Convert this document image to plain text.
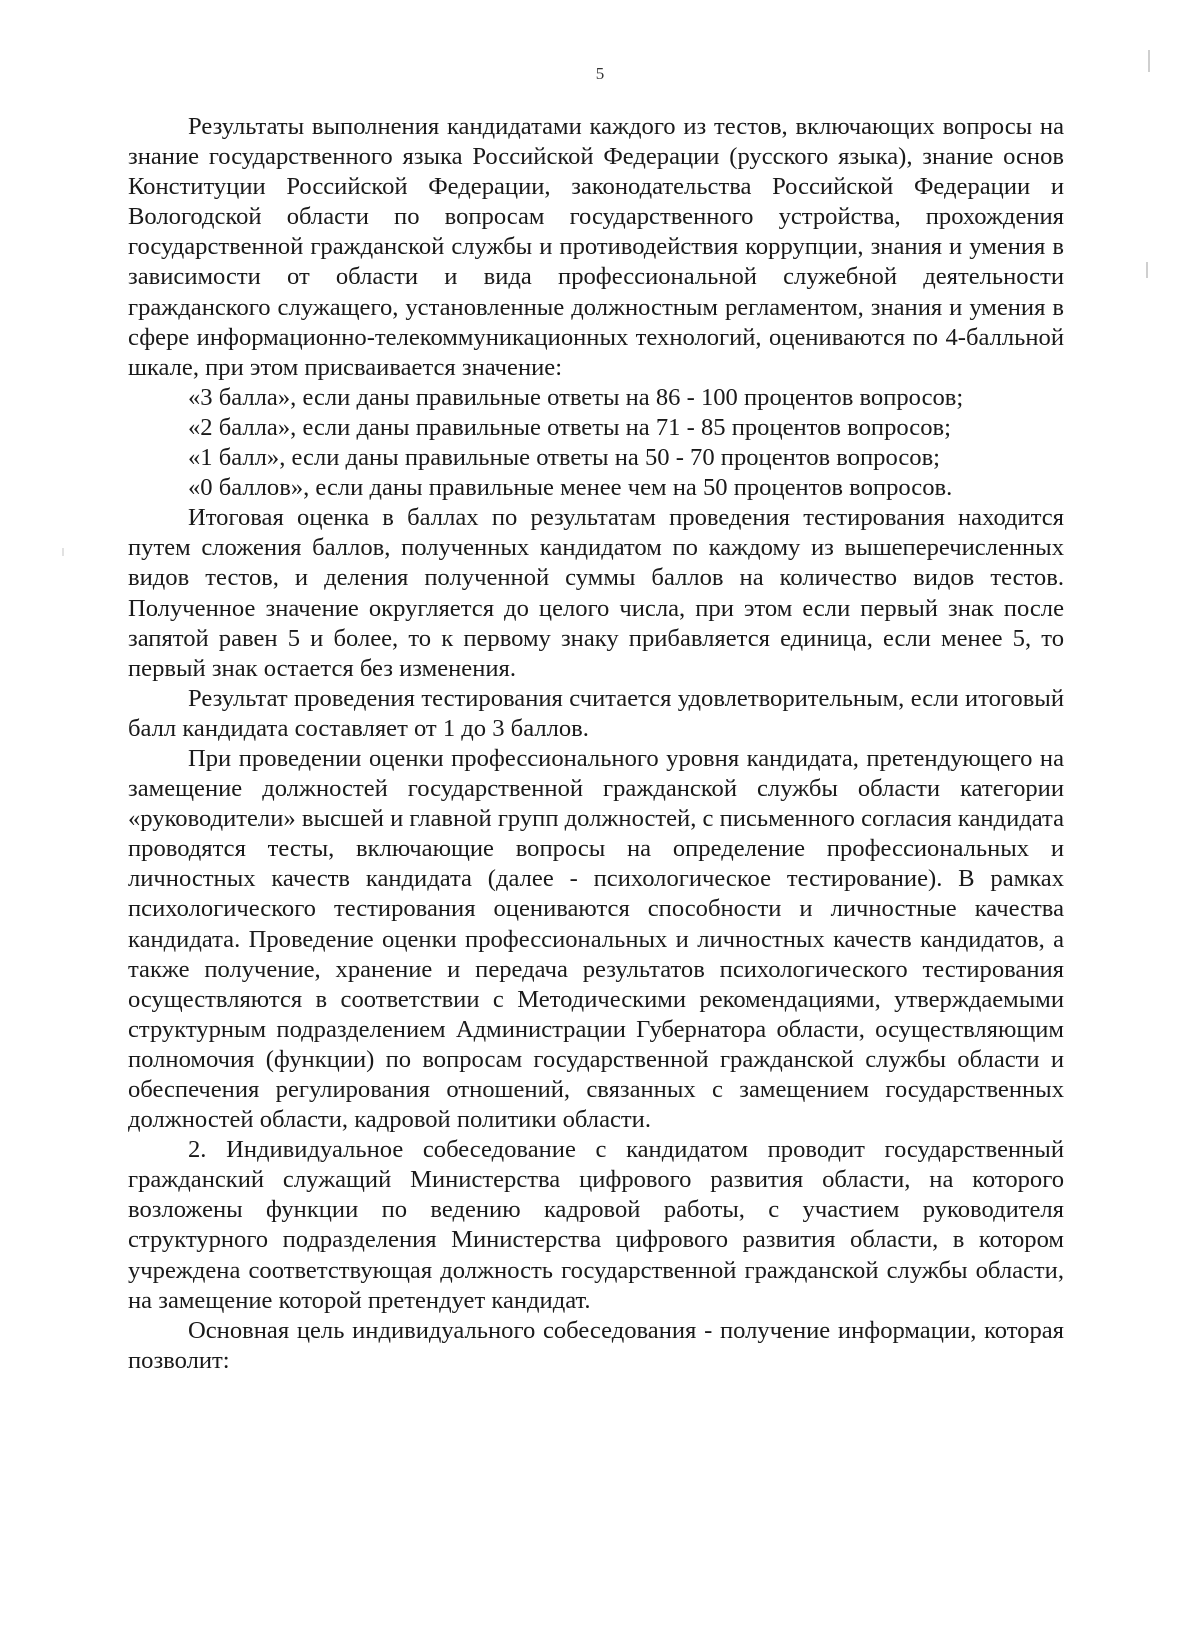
5

Результаты выполнения кандидатами каждого из тестов, включающих вопросы на знание государственного языка Российской Федерации (русского языка), знание основ Конституции Российской Федерации, законодательства Российской Федерации и Вологодской области по вопросам государственного устройства, прохождения государственной гражданской службы и противодействия коррупции, знания и умения в зависимости от области и вида профессиональной служебной деятельности гражданского служащего, установленные должностным регламентом, знания и умения в сфере информационно-телекоммуникационных технологий, оцениваются по 4-балльной шкале, при этом присваивается значение:

«3 балла», если даны правильные ответы на 86 - 100 процентов вопросов;

«2 балла», если даны правильные ответы на 71 - 85 процентов вопросов;

«1 балл», если даны правильные ответы на 50 - 70 процентов вопросов;

«0 баллов», если даны правильные менее чем на 50 процентов вопросов.

Итоговая оценка в баллах по результатам проведения тестирования находится путем сложения баллов, полученных кандидатом по каждому из вышеперечисленных видов тестов, и деления полученной суммы баллов на количество видов тестов. Полученное значение округляется до целого числа, при этом если первый знак после запятой равен 5 и более, то к первому знаку прибавляется единица, если менее 5, то первый знак остается без изменения.

Результат проведения тестирования считается удовлетворительным, если итоговый балл кандидата составляет от 1 до 3 баллов.

При проведении оценки профессионального уровня кандидата, претендующего на замещение должностей государственной гражданской службы области категории «руководители» высшей и главной групп должностей, с письменного согласия кандидата проводятся тесты, включающие вопросы на определение профессиональных и личностных качеств кандидата (далее - психологическое тестирование). В рамках психологического тестирования оцениваются способности и личностные качества кандидата. Проведение оценки профессиональных и личностных качеств кандидатов, а также получение, хранение и передача результатов психологического тестирования осуществляются в соответствии с Методическими рекомендациями, утверждаемыми структурным подразделением Администрации Губернатора области, осуществляющим полномочия (функции) по вопросам государственной гражданской службы области и обеспечения регулирования отношений, связанных с замещением государственных должностей области, кадровой политики области.

2. Индивидуальное собеседование с кандидатом проводит государственный гражданский служащий Министерства цифрового развития области, на которого возложены функции по ведению кадровой работы, с участием руководителя структурного подразделения Министерства цифрового развития области, в котором учреждена соответствующая должность государственной гражданской службы области, на замещение которой претендует кандидат.

Основная цель индивидуального собеседования - получение информации, которая позволит:
